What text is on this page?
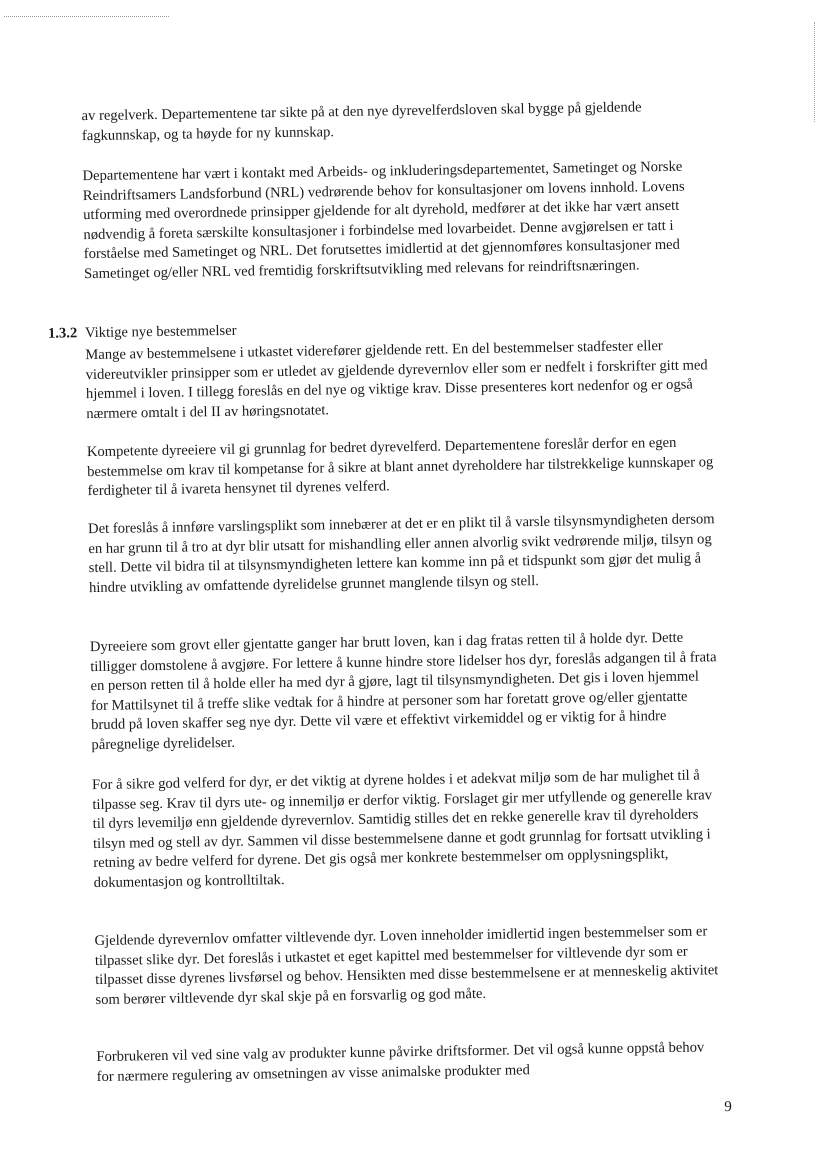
av regelverk. Departementene tar sikte på at den nye dyrevelferdsloven skal bygge på gjeldende fagkunnskap, og ta høyde for ny kunnskap.

Departementene har vært i kontakt med Arbeids- og inkluderingsdepartementet, Sametinget og Norske Reindriftsamers Landsforbund (NRL) vedrørende behov for konsultasjoner om lovens innhold. Lovens utforming med overordnede prinsipper gjeldende for alt dyrehold, medfører at det ikke har vært ansett nødvendig å foreta særskilte konsultasjoner i forbindelse med lovarbeidet. Denne avgjørelsen er tatt i forståelse med Sametinget og NRL. Det forutsettes imidlertid at det gjennomføres konsultasjoner med Sametinget og/eller NRL ved fremtidig forskriftsutvikling med relevans for reindriftsnæringen.

1.3.2 Viktige nye bestemmelser

Mange av bestemmelsene i utkastet viderefører gjeldende rett. En del bestemmelser stadfester eller videreutvikler prinsipper som er utledet av gjeldende dyrevernlov eller som er nedfelt i forskrifter gitt med hjemmel i loven. I tillegg foreslås en del nye og viktige krav. Disse presenteres kort nedenfor og er også nærmere omtalt i del II av høringsnotatet.

Kompetente dyreeiere vil gi grunnlag for bedret dyrevelferd. Departementene foreslår derfor en egen bestemmelse om krav til kompetanse for å sikre at blant annet dyreholdere har tilstrekkelige kunnskaper og ferdigheter til å ivareta hensynet til dyrenes velferd.

Det foreslås å innføre varslingsplikt som innebærer at det er en plikt til å varsle tilsynsmyndigheten dersom en har grunn til å tro at dyr blir utsatt for mishandling eller annen alvorlig svikt vedrørende miljø, tilsyn og stell. Dette vil bidra til at tilsynsmyndigheten lettere kan komme inn på et tidspunkt som gjør det mulig å hindre utvikling av omfattende dyrelidelse grunnet manglende tilsyn og stell.

Dyreeiere som grovt eller gjentatte ganger har brutt loven, kan i dag fratas retten til å holde dyr. Dette tilligger domstolene å avgjøre. For lettere å kunne hindre store lidelser hos dyr, foreslås adgangen til å frata en person retten til å holde eller ha med dyr å gjøre, lagt til tilsynsmyndigheten. Det gis i loven hjemmel for Mattilsynet til å treffe slike vedtak for å hindre at personer som har foretatt grove og/eller gjentatte brudd på loven skaffer seg nye dyr. Dette vil være et effektivt virkemiddel og er viktig for å hindre påregnelige dyrelidelser.

For å sikre god velferd for dyr, er det viktig at dyrene holdes i et adekvat miljø som de har mulighet til å tilpasse seg. Krav til dyrs ute- og innemiljø er derfor viktig. Forslaget gir mer utfyllende og generelle krav til dyrs levemiljø enn gjeldende dyrevernlov. Samtidig stilles det en rekke generelle krav til dyreholders tilsyn med og stell av dyr. Sammen vil disse bestemmelsene danne et godt grunnlag for fortsatt utvikling i retning av bedre velferd for dyrene. Det gis også mer konkrete bestemmelser om opplysningsplikt, dokumentasjon og kontrolltiltak.

Gjeldende dyrevernlov omfatter viltlevende dyr. Loven inneholder imidlertid ingen bestemmelser som er tilpasset slike dyr. Det foreslås i utkastet et eget kapittel med bestemmelser for viltlevende dyr som er tilpasset disse dyrenes livsførsel og behov. Hensikten med disse bestemmelsene er at menneskelig aktivitet som berører viltlevende dyr skal skje på en forsvarlig og god måte.

Forbrukeren vil ved sine valg av produkter kunne påvirke driftsformer. Det vil også kunne oppstå behov for nærmere regulering av omsetningen av visse animalske produkter med

9
